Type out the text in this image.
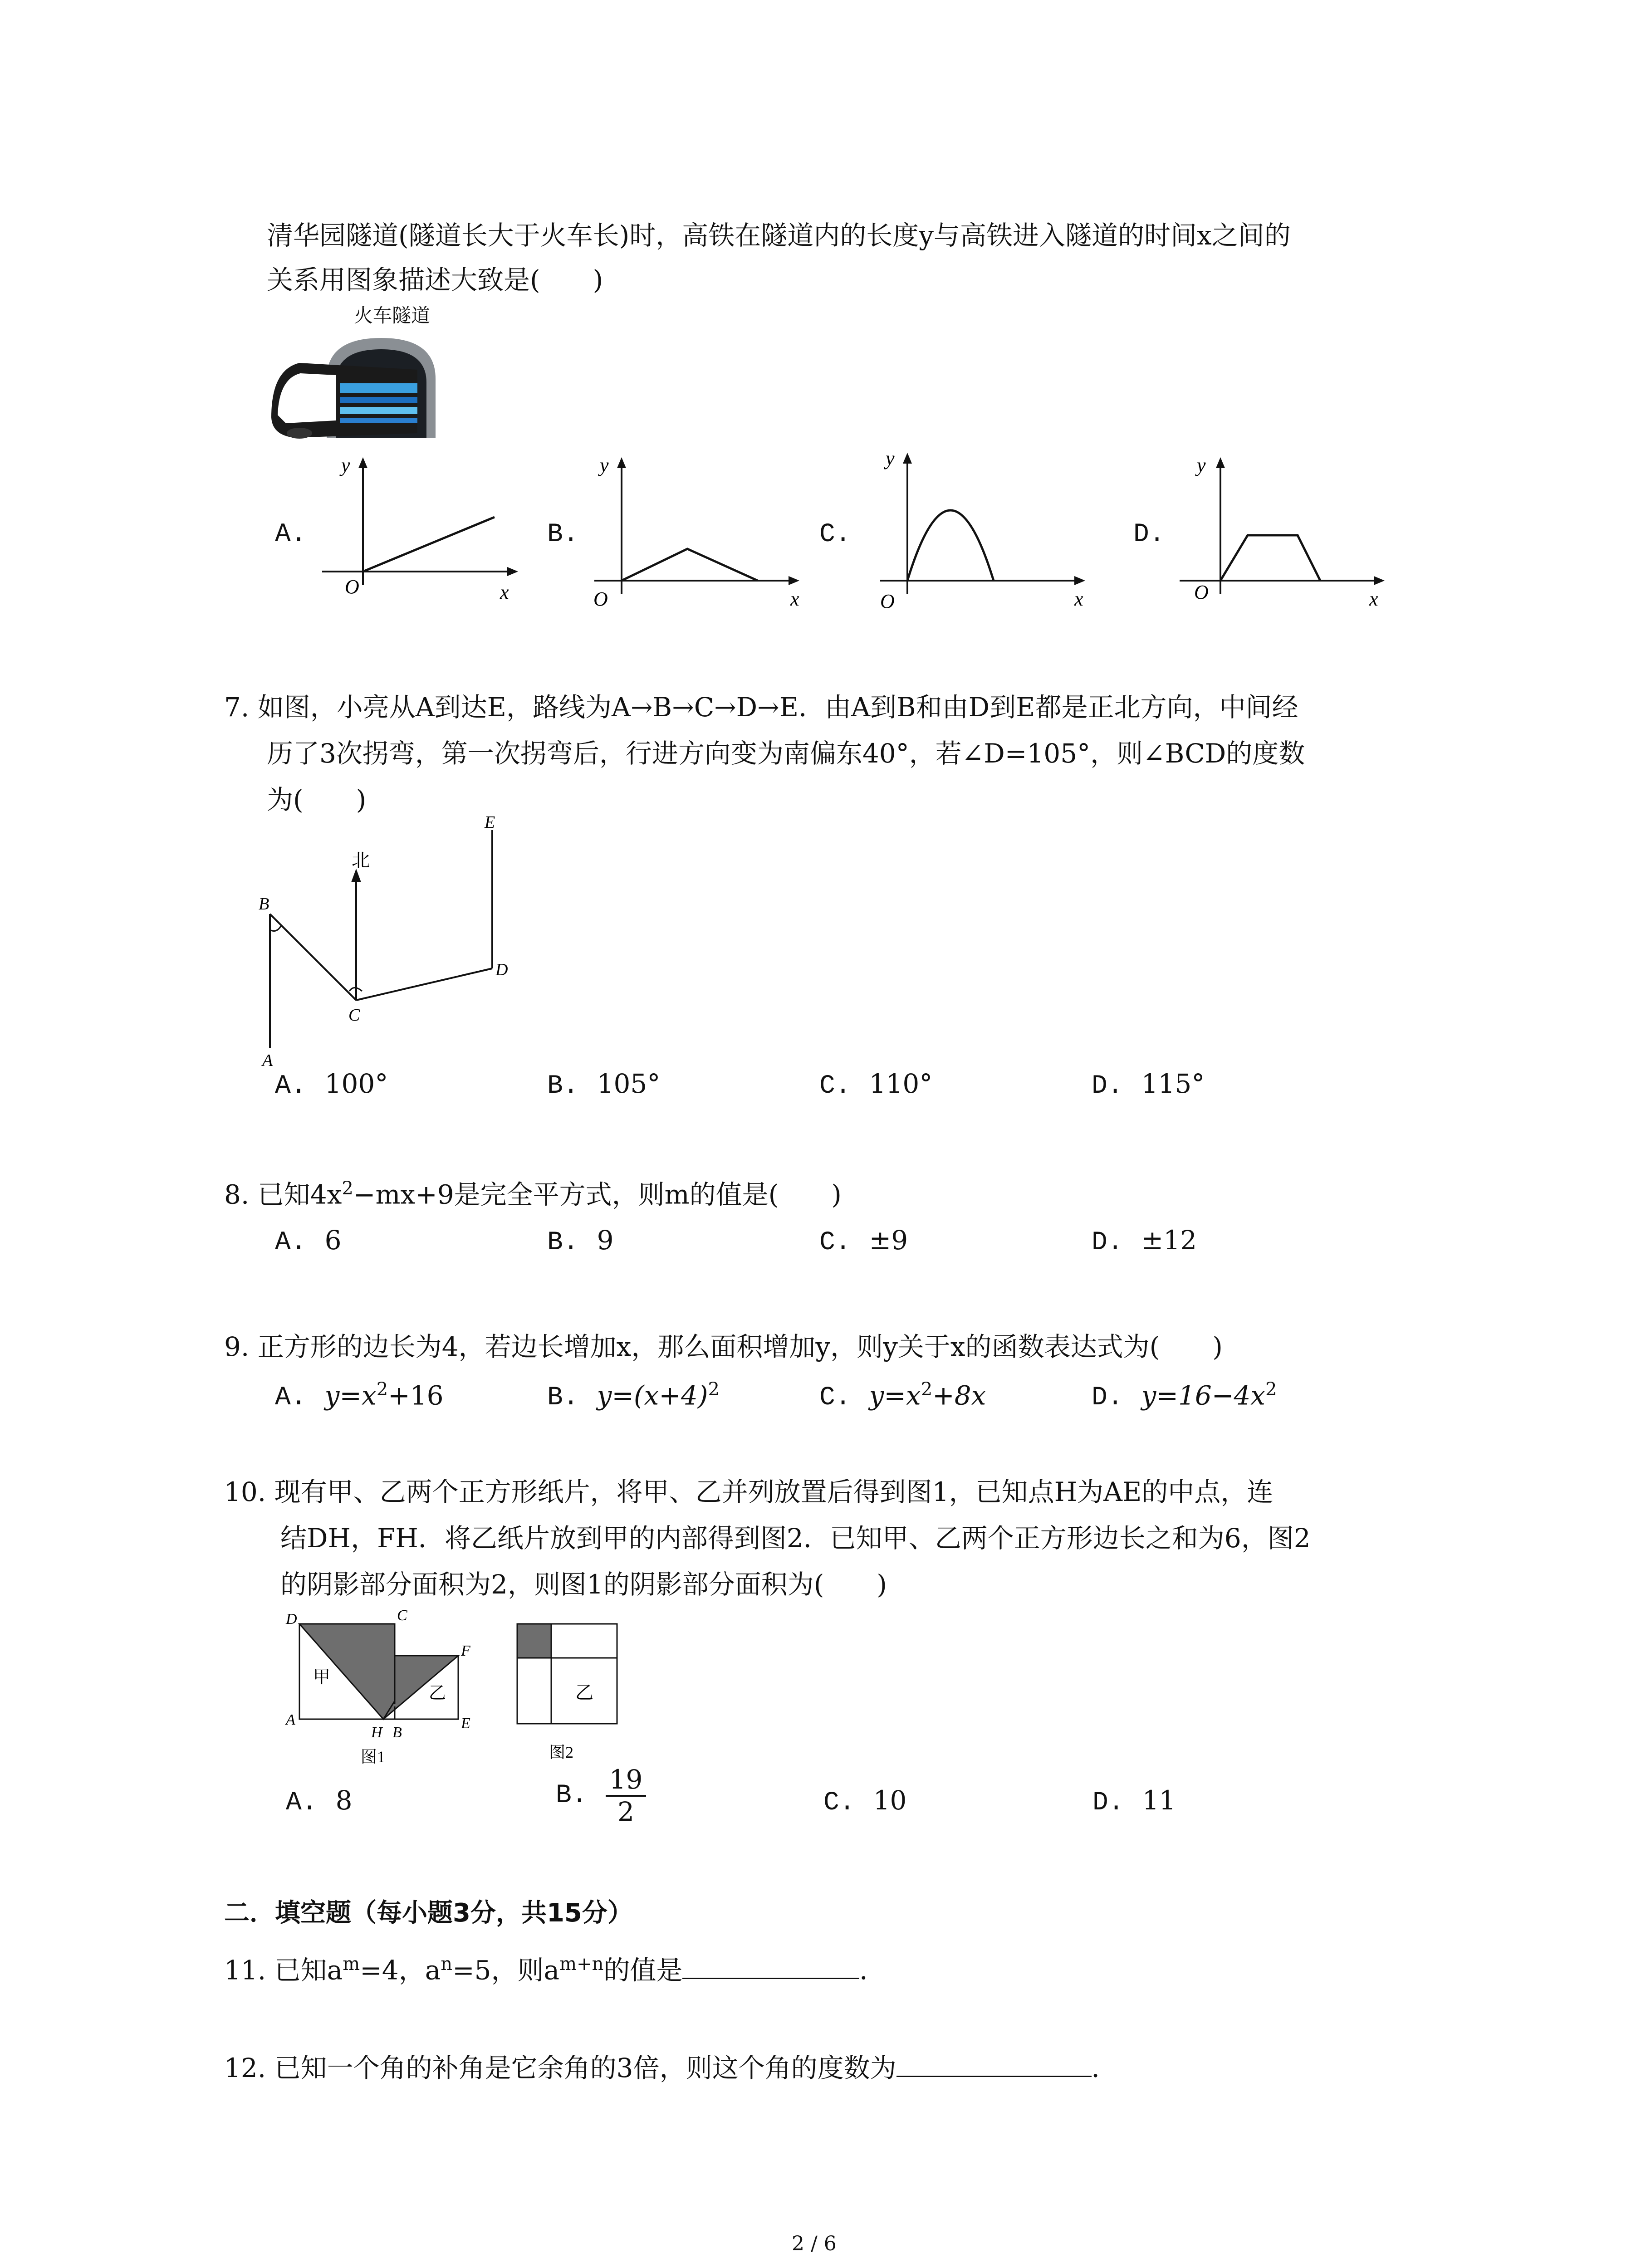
清华园隧道(隧道长大于火车长)时，高铁在隧道内的长度y与高铁进入隧道的时间x之间的
关系用图象描述大致是(　　)
火车隧道
A.
y
x
O
B.
y
x
O
C.
y
x
O
D.
y
x
O
7. 如图，小亮从A到达E，路线为A→B→C→D→E．由A到B和由D到E都是正北方向，中间经
历了3次拐弯，第一次拐弯后，行进方向变为南偏东40°，若∠D=105°，则∠BCD的度数
为(　　)
北
B
A
C
D
E
A. 100°	B. 105°	C. 110°	D. 115°
8. 已知$4x^2-mx+9$是完全平方式，则m的值是(　　)
A. 6	B. 9	C. ±9	D. ±12
9. 正方形的边长为4，若边长增加x，那么面积增加y，则y关于x的函数表达式为(　　)
A. $y=x^2+16$	B. $y=(x+4)^2$	C. $y=x^2+8x$	D. $y=16-4x^2$
10. 现有甲、乙两个正方形纸片，将甲、乙并列放置后得到图1，已知点H为AE的中点，连
结DH，FH．将乙纸片放到甲的内部得到图2．已知甲、乙两个正方形边长之和为6，图2
的阴影部分面积为2，则图1的阴影部分面积为(　　)
D	C
F
A
H B
E
甲
乙
图1
乙
图2
A. 8	B. $\frac{19}{2}$	C. 10	D. 11
二．填空题（每小题3分，共15分）
11. 已知$a^m=4$，$a^n=5$，则$a^{m+n}$的值是	．
12. 已知一个角的补角是它余角的3倍，则这个角的度数为	．
2 / 6
